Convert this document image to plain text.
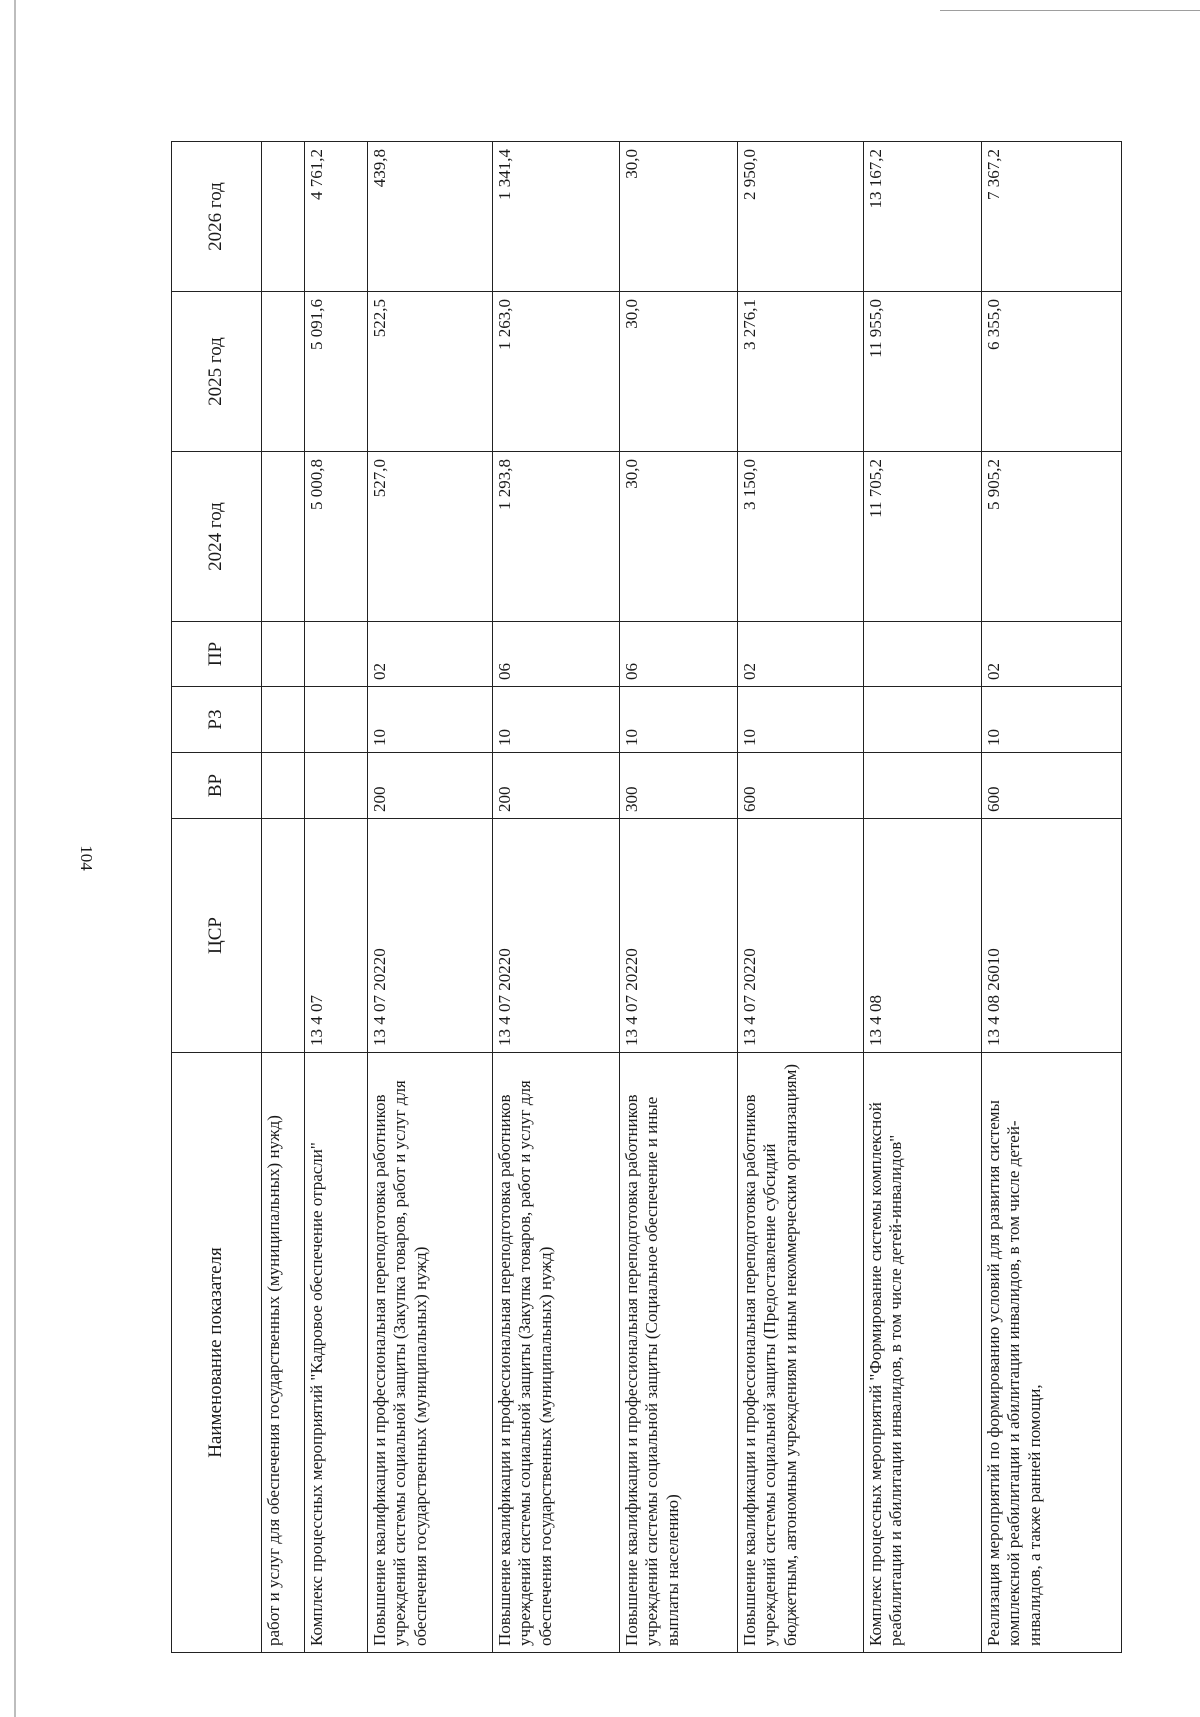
104
Наименование показателя	ЦСР	ВР	РЗ	ПР	2024 год	2025 год	2026 год
работ и услуг для обеспечения государственных (муниципальных) нужд)							
Комплекс процессных мероприятий "Кадровое обеспечение отрасли"	13 4 07				5 000,8	5 091,6	4 761,2
Повышение квалификации и профессиональная переподготовка работников учреждений системы социальной защиты (Закупка товаров, работ и услуг для обеспечения государственных (муниципальных) нужд)	13 4 07 20220	200	10	02	527,0	522,5	439,8
Повышение квалификации и профессиональная переподготовка работников учреждений системы социальной защиты (Закупка товаров, работ и услуг для обеспечения государственных (муниципальных) нужд)	13 4 07 20220	200	10	06	1 293,8	1 263,0	1 341,4
Повышение квалификации и профессиональная переподготовка работников учреждений системы социальной защиты (Социальное обеспечение и иные выплаты населению)	13 4 07 20220	300	10	06	30,0	30,0	30,0
Повышение квалификации и профессиональная переподготовка работников учреждений системы социальной защиты (Предоставление субсидий бюджетным, автономным учреждениям и иным некоммерческим организациям)	13 4 07 20220	600	10	02	3 150,0	3 276,1	2 950,0
Комплекс процессных мероприятий "Формирование системы комплексной реабилитации и абилитации инвалидов, в том числе детей-инвалидов"	13 4 08				11 705,2	11 955,0	13 167,2
Реализация мероприятий по формированию условий для развития системы комплексной реабилитации и абилитации инвалидов, в том числе детей-инвалидов, а также ранней помощи,	13 4 08 26010	600	10	02	5 905,2	6 355,0	7 367,2
